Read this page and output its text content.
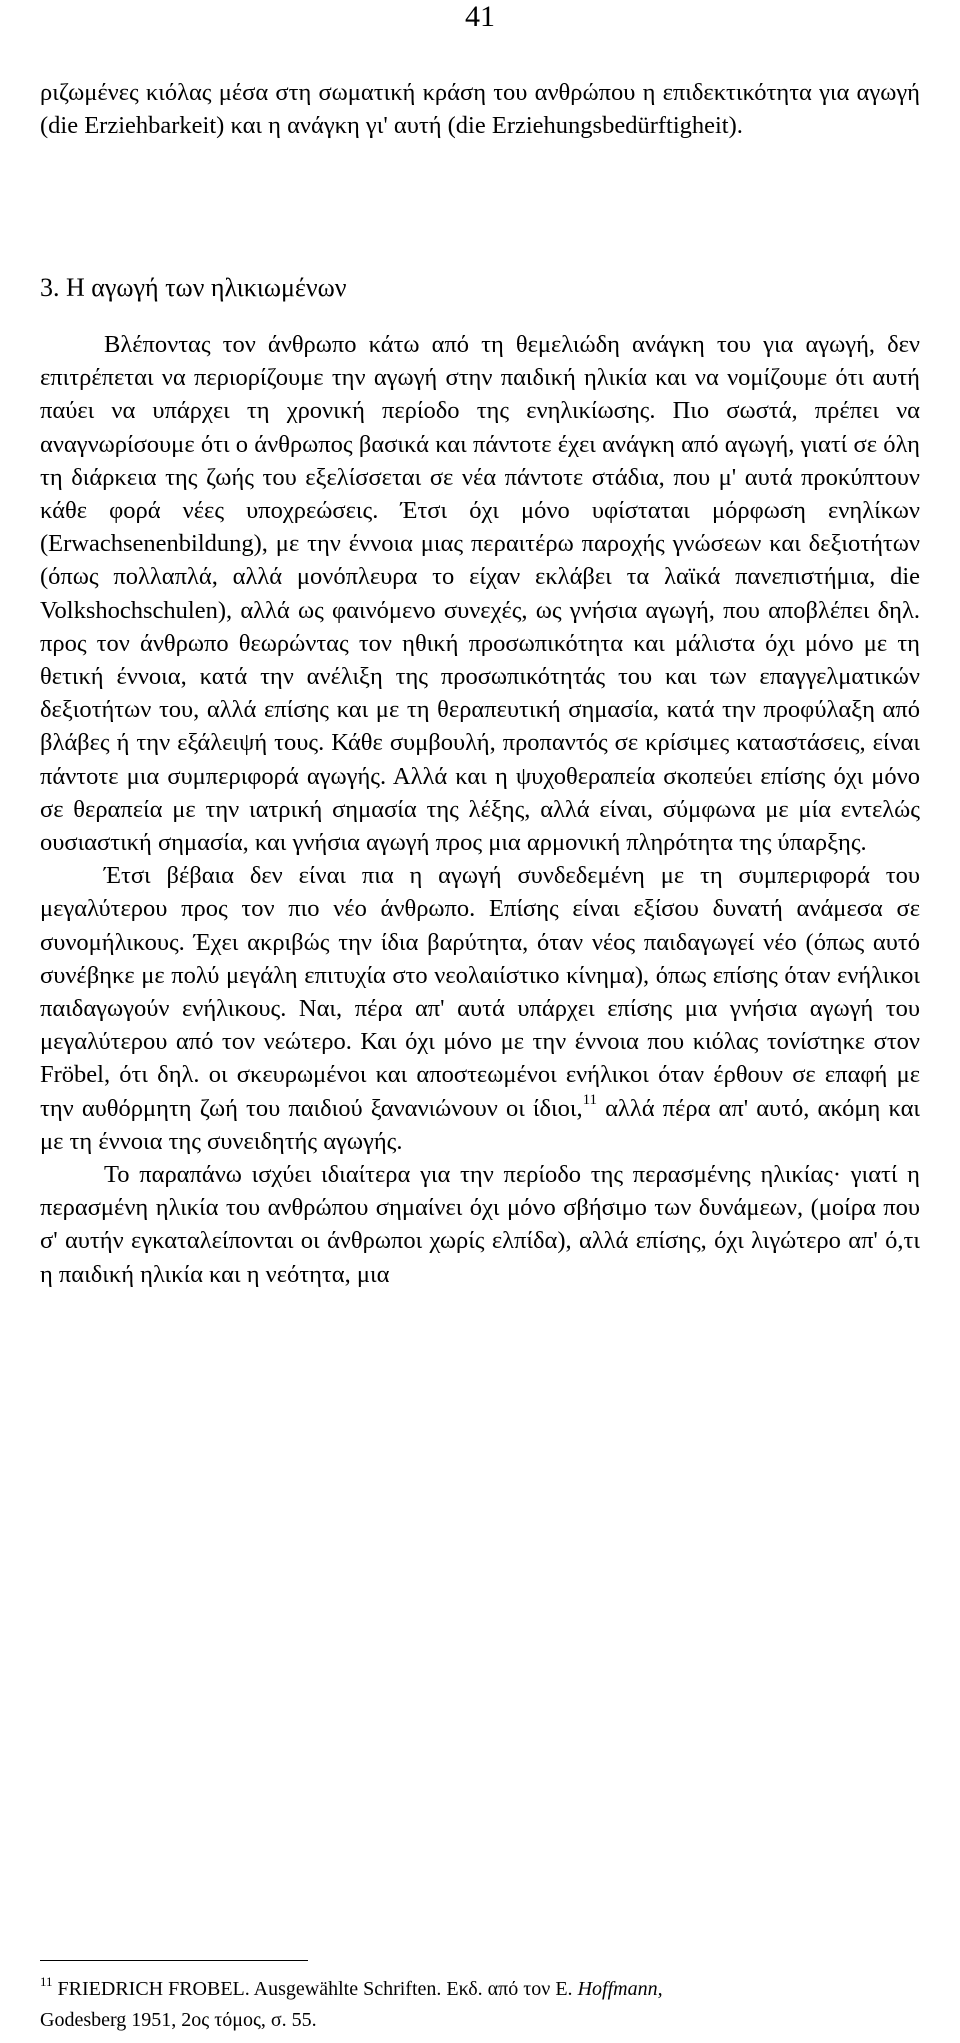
41

ριζωμένες κιόλας μέσα στη σωματική κράση του ανθρώπου η επιδεκτικότητα για αγωγή (die Erziehbarkeit) και η ανάγκη γι' αυτή (die Erziehungsbedürftigheit).

3. Η αγωγή των ηλικιωμένων

Βλέποντας τον άνθρωπο κάτω από τη θεμελιώδη ανάγκη του για αγωγή, δεν επιτρέπεται να περιορίζουμε την αγωγή στην παιδική ηλικία και να νομίζουμε ότι αυτή παύει να υπάρχει τη χρονική περίοδο της ενηλικίωσης. Πιο σωστά, πρέπει να αναγνωρίσουμε ότι ο άνθρωπος βασικά και πάντοτε έχει ανάγκη από αγωγή, γιατί σε όλη τη διάρκεια της ζωής του εξελίσσεται σε νέα πάντοτε στάδια, που μ' αυτά προκύπτουν κάθε φορά νέες υποχρεώσεις. Έτσι όχι μόνο υφίσταται μόρφωση ενηλίκων (Erwachsenenbildung), με την έννοια μιας περαιτέρω παροχής γνώσεων και δεξιοτήτων (όπως πολλαπλά, αλλά μονόπλευρα το είχαν εκλάβει τα λαϊκά πανεπιστήμια, die Volkshochschulen), αλλά ως φαινόμενο συνεχές, ως γνήσια αγωγή, που αποβλέπει δηλ. προς τον άνθρωπο θεωρώντας τον ηθική προσωπικότητα και μάλιστα όχι μόνο με τη θετική έννοια, κατά την ανέλιξη της προσωπικότητάς του και των επαγγελματικών δεξιοτήτων του, αλλά επίσης και με τη θεραπευτική σημασία, κατά την προφύλαξη από βλάβες ή την εξάλειψή τους. Κάθε συμβουλή, προπαντός σε κρίσιμες καταστάσεις, είναι πάντοτε μια συμπεριφορά αγωγής. Αλλά και η ψυχοθεραπεία σκοπεύει επίσης όχι μόνο σε θεραπεία με την ιατρική σημασία της λέξης, αλλά είναι, σύμφωνα με μία εντελώς ουσιαστική σημασία, και γνήσια αγωγή προς μια αρμονική πληρότητα της ύπαρξης.

Έτσι βέβαια δεν είναι πια η αγωγή συνδεδεμένη με τη συμπεριφορά του μεγαλύτερου προς τον πιο νέο άνθρωπο. Επίσης είναι εξίσου δυνατή ανάμεσα σε συνομήλικους. Έχει ακριβώς την ίδια βαρύτητα, όταν νέος παιδαγωγεί νέο (όπως αυτό συνέβηκε με πολύ μεγάλη επιτυχία στο νεολαιίστικο κίνημα), όπως επίσης όταν ενήλικοι παιδαγωγούν ενήλικους. Ναι, πέρα απ' αυτά υπάρχει επίσης μια γνήσια αγωγή του μεγαλύτερου από τον νεώτερο. Και όχι μόνο με την έννοια που κιόλας τονίστηκε στον Fröbel, ότι δηλ. οι σκευρωμένοι και αποστεωμένοι ενήλικοι όταν έρθουν σε επαφή με την αυθόρμητη ζωή του παιδιού ξαναν​ιώνουν οι ίδιοι,$^{11}$ αλλά πέρα απ' αυτό, ακόμη και με τη έννοια της συνειδητής αγωγής.

Το παραπάνω ισχύει ιδιαίτερα για την περίοδο της περασμένης ηλικίας· γιατί η περασμένη ηλικία του ανθρώπου σημαίνει όχι μόνο σβήσιμο των δυνάμεων, (μοίρα που σ' αυτήν εγκαταλείπονται οι άνθρωποι χωρίς ελπίδα), αλλά επίσης, όχι λιγώτερο απ' ό,τι η παιδική ηλικία και η νεότητα, μια

$^{11}$ FRIEDRICH FROBEL. Ausgewählte Schriften. Εκδ. από τον E. Hoffmann,
Godesberg 1951, 2ος τόμος, σ. 55.
